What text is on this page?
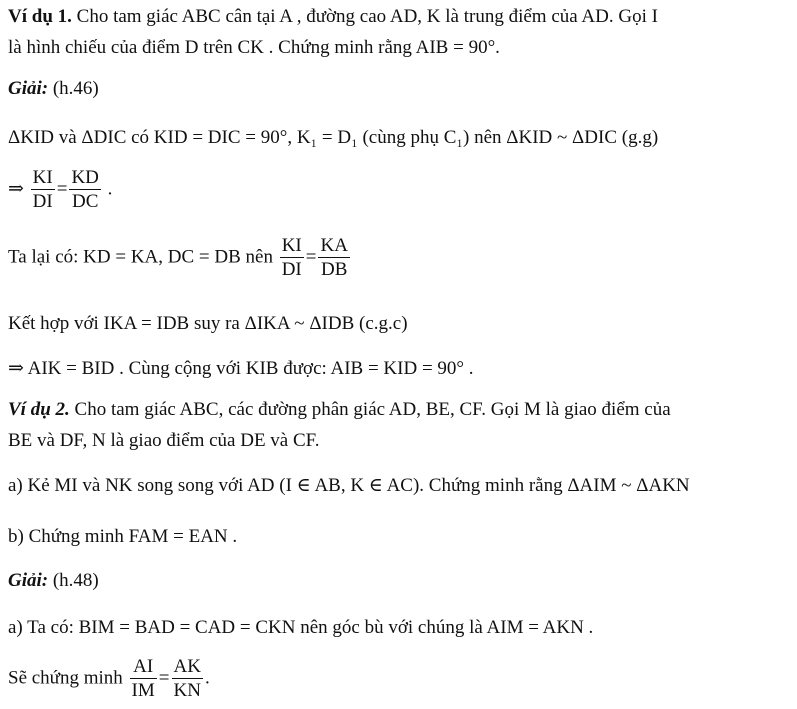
Ví dụ 1. Cho tam giác ABC cân tại A , đường cao AD, K là trung điểm của AD. Gọi I
là hình chiếu của điểm D trên CK . Chứng minh rằng AIB = 90°.
Giải: (h.46)
ΔKID và ΔDIC có KID = DIC = 90°, K₁ = D₁ (cùng phụ C₁) nên ΔKID ~ ΔDIC (g.g)
⇒ $\frac{KI}{DI} = \frac{KD}{DC}$ .
Ta lại có: KD = KA, DC = DB nên $\frac{KI}{DI} = \frac{KA}{DB}$
Kết hợp với IKA = IDB suy ra ΔIKA ~ ΔIDB (c.g.c)
⇒ AIK = BID . Cùng cộng với KIB được: AIB = KID = 90° .
Ví dụ 2. Cho tam giác ABC, các đường phân giác AD, BE, CF. Gọi M là giao điểm của
BE và DF, N là giao điểm của DE và CF.
a) Kẻ MI và NK song song với AD (I ∈ AB, K ∈ AC). Chứng minh rằng ΔAIM ~ ΔAKN
b) Chứng minh FAM = EAN .
Giải: (h.48)
a) Ta có: BIM = BAD = CAD = CKN nên góc bù với chúng là AIM = AKN .
Sẽ chứng minh $\frac{AI}{IM} = \frac{AK}{KN}$ .
